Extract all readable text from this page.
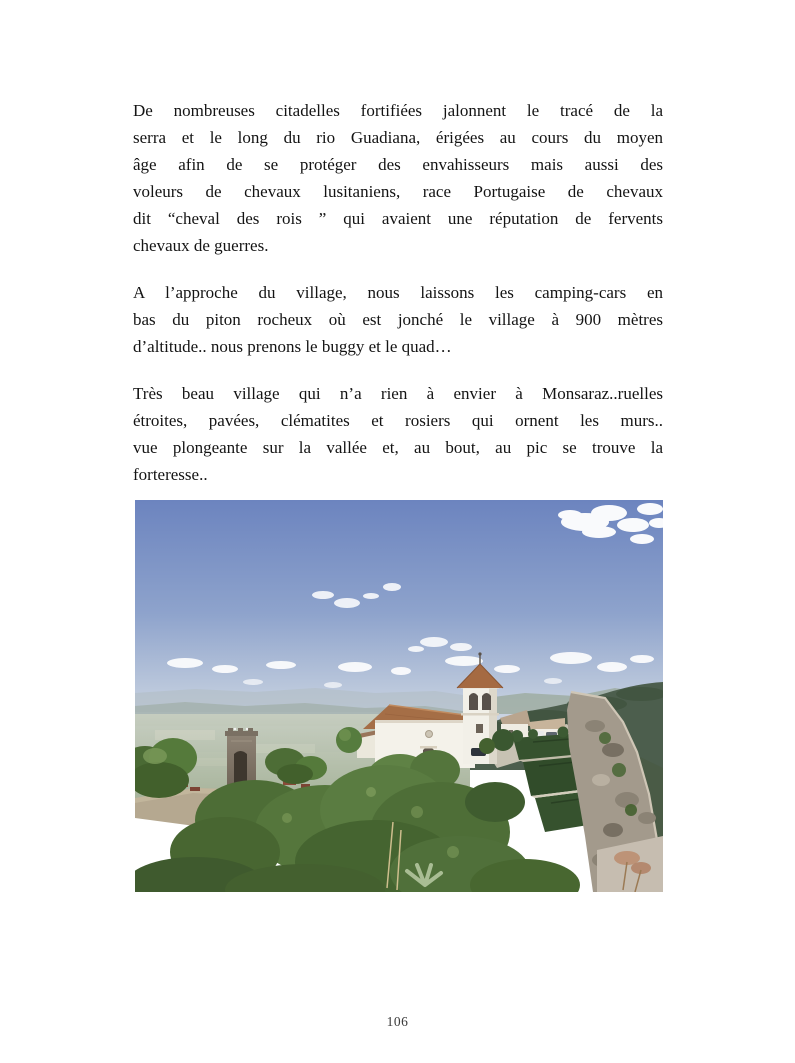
De nombreuses citadelles fortifiées jalonnent le tracé de la
serra et le long du rio Guadiana, érigées au cours du moyen
âge afin de se protéger des envahisseurs mais aussi des
voleurs de chevaux lusitaniens, race Portugaise de chevaux
dit “cheval des rois ” qui avaient une réputation de fervents
chevaux de guerres.
A l’approche du village, nous laissons les camping-cars en
bas du piton rocheux où est jonché le village à 900 mètres
d’altitude.. nous prenons le buggy et le quad…
Très beau village qui n’a rien à envier à Monsaraz..ruelles
étroites, pavées, clématites et rosiers qui ornent les murs..
vue plongeante sur la vallée et, au bout, au pic se trouve la
forteresse..
106
